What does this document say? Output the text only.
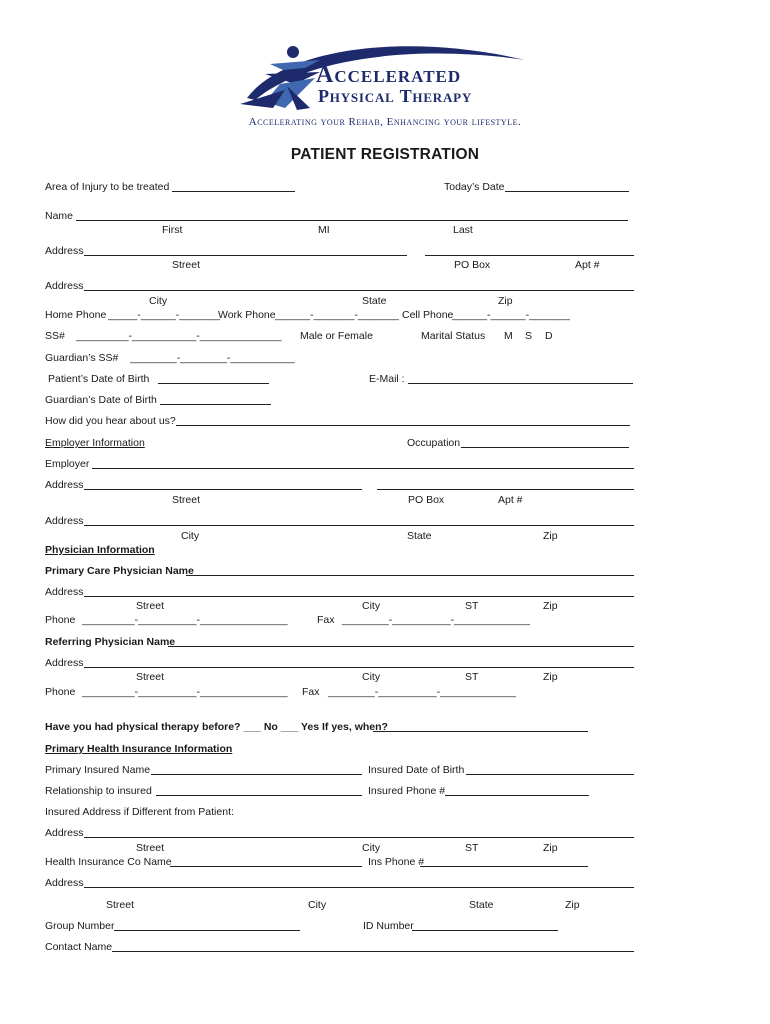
Accelerated
Physical Therapy
Accelerating your Rehab, Enhancing your lifestyle.
PATIENT REGISTRATION
Area of Injury to be treated	Today’s Date
Name
First	MI	Last
Address
Street	PO Box	Apt #
Address
City	State	Zip
Home Phone _____-______-_______
Work Phone ______-_______-_______ Cell Phone
______-______-_______
SS# _________-___________-______________ Male or Female	Marital Status M S D
Guardian’s SS# ________-________-___________
Patient’s Date of Birth	E-Mail :
Guardian’s Date of Birth
How did you hear about us?
Employer Information	Occupation
Employer
Address
Street	PO Box	Apt #
Address
City	State	Zip
Physician Information
Primary Care Physician Name
Address
Street	City	ST	Zip
Phone _________-__________-_______________	Fax ________-__________-_____________
Referring Physician Name
Address
Street	City	ST	Zip
Phone _________-__________-_______________ Fax ________-__________-_____________
Have you had physical therapy before? ___ No ___ Yes If yes, when?
Primary Health Insurance Information
Primary Insured Name	Insured Date of Birth
Relationship to insured	Insured Phone #
Insured Address if Different from Patient:
Address
Street	City	ST	Zip
Health Insurance Co Name	Ins Phone #
Address
Street	City	State	Zip
Group Number	ID Number
Contact Name
